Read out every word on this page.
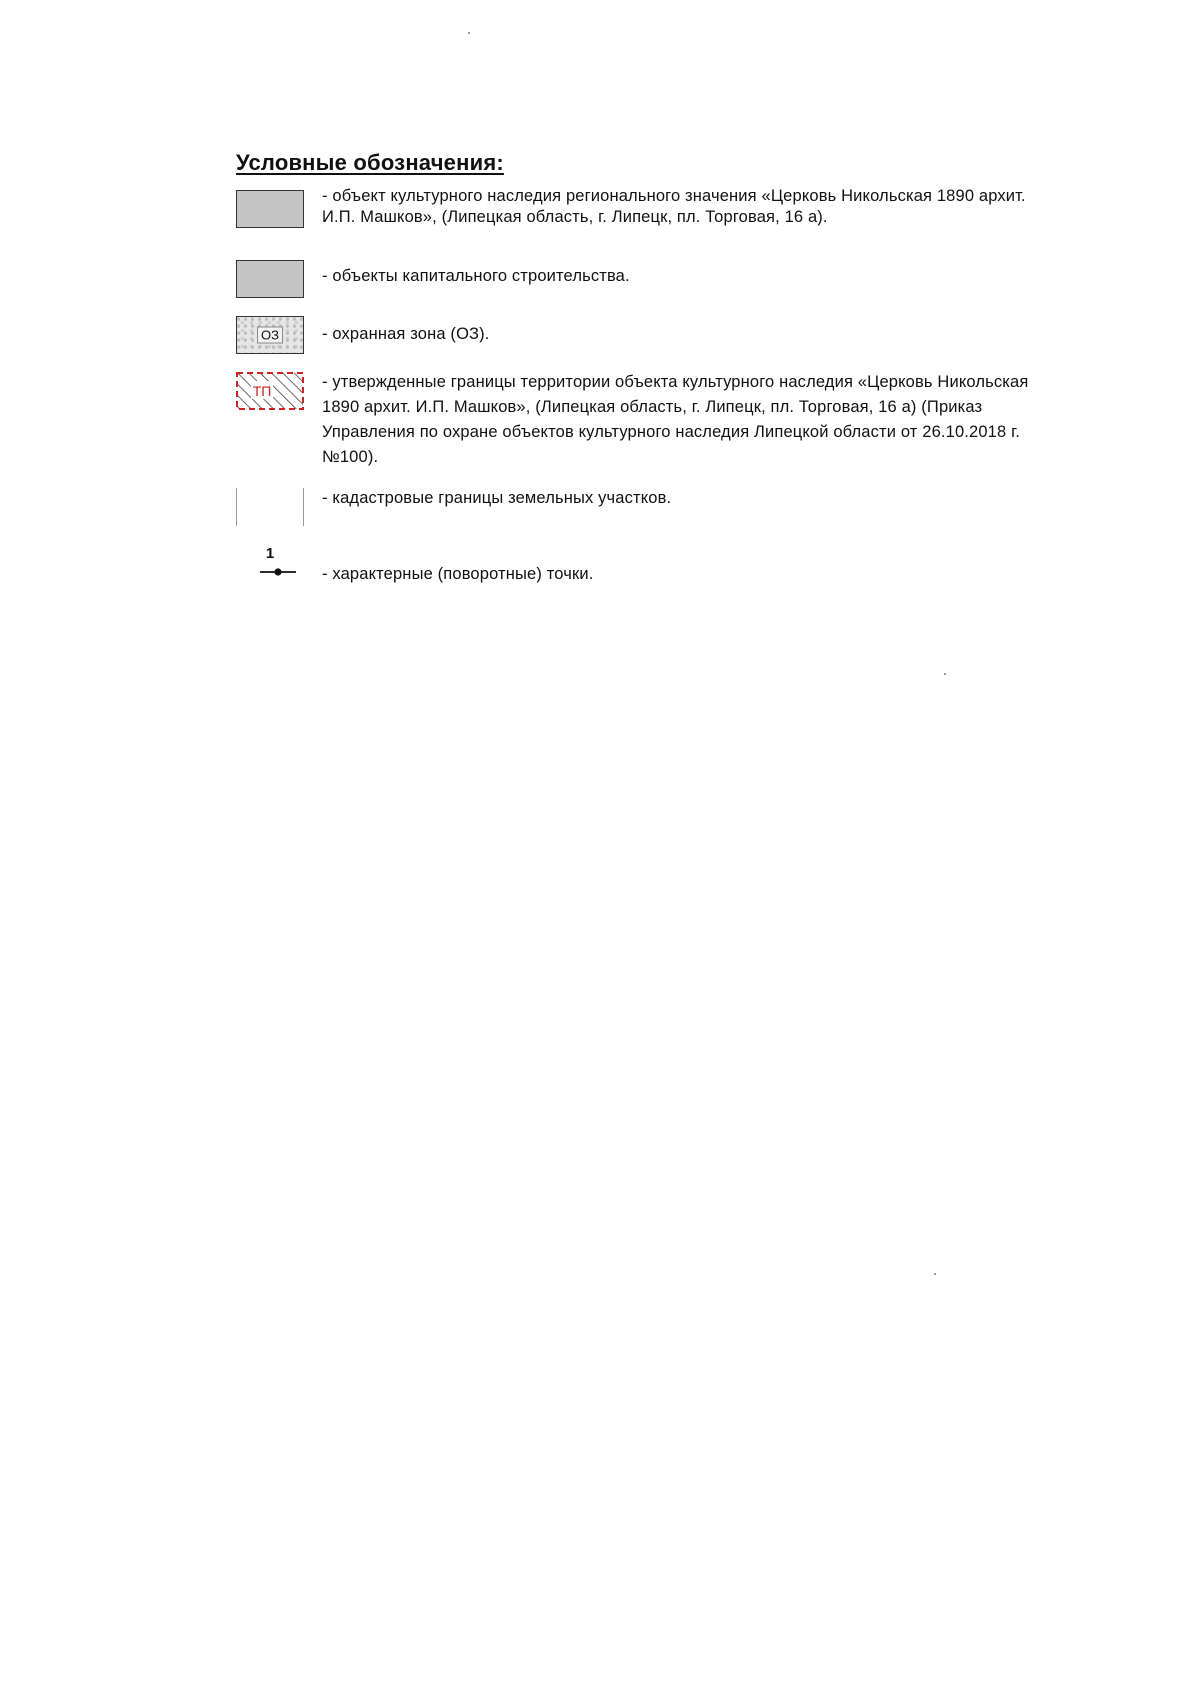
Условные обозначения:
- объект культурного наследия регионального значения «Церковь Никольская 1890 архит. И.П. Машков», (Липецкая область, г. Липецк, пл. Торговая, 16 а).
- объекты капитального строительства.
ОЗ	- охранная зона (ОЗ).
ТП	- утвержденные границы территории объекта культурного наследия «Церковь Никольская 1890 архит. И.П. Машков», (Липецкая область, г. Липецк, пл. Торговая, 16 а) (Приказ Управления по охране объектов культурного наследия Липецкой области от 26.10.2018 г. №100).
- кадастровые границы земельных участков.
1
- характерные (поворотные) точки.
